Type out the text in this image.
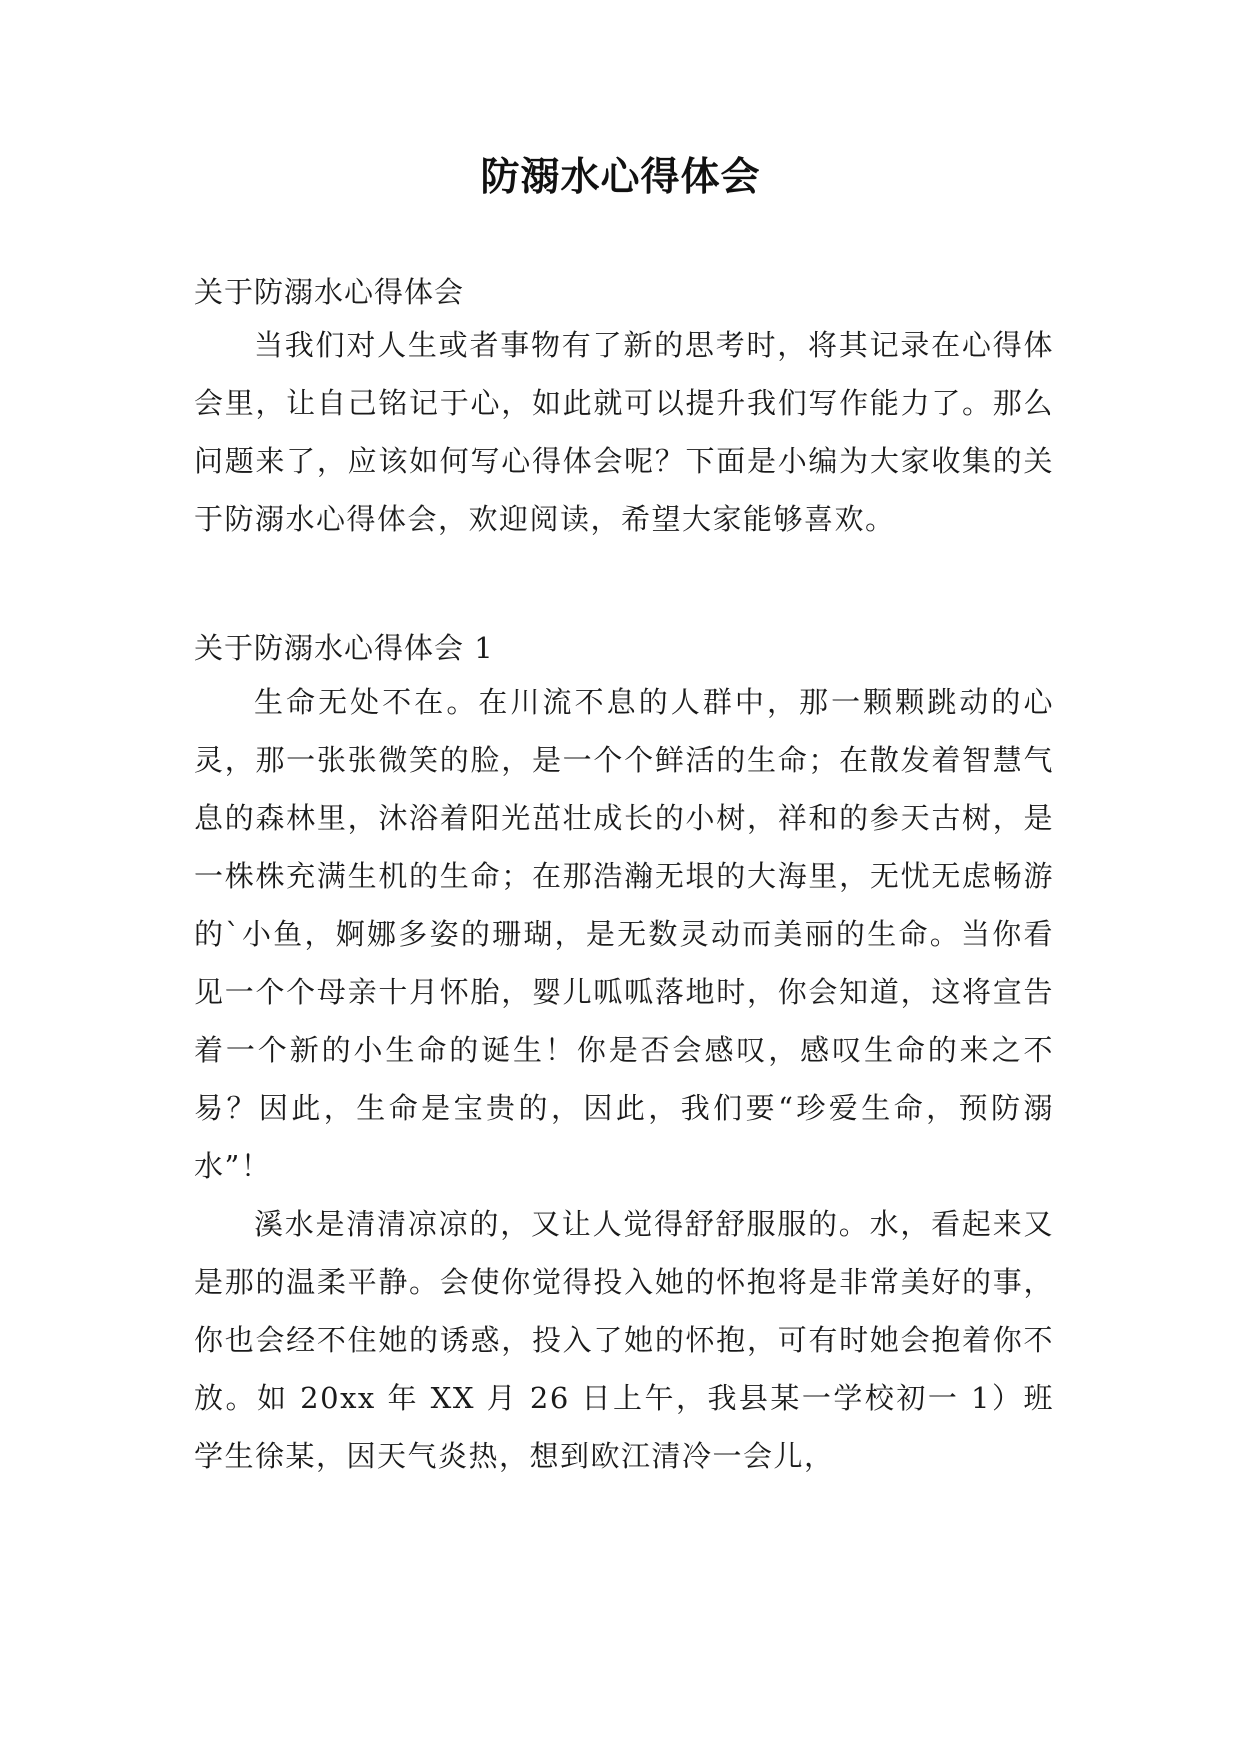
防溺水心得体会
关于防溺水心得体会

当我们对人生或者事物有了新的思考时，将其记录在心得体会里，让自己铭记于心，如此就可以提升我们写作能力了。那么问题来了，应该如何写心得体会呢？下面是小编为大家收集的关于防溺水心得体会，欢迎阅读，希望大家能够喜欢。

关于防溺水心得体会 1

生命无处不在。在川流不息的人群中，那一颗颗跳动的心灵，那一张张微笑的脸，是一个个鲜活的生命；在散发着智慧气息的森林里，沐浴着阳光茁壮成长的小树，祥和的参天古树，是一株株充满生机的生命；在那浩瀚无垠的大海里，无忧无虑畅游的`小鱼，婀娜多姿的珊瑚，是无数灵动而美丽的生命。当你看见一个个母亲十月怀胎，婴儿呱呱落地时，你会知道，这将宣告着一个新的小生命的诞生！你是否会感叹，感叹生命的来之不易？因此，生命是宝贵的，因此，我们要“珍爱生命，预防溺水”！

溪水是清清凉凉的，又让人觉得舒舒服服的。水，看起来又是那的温柔平静。会使你觉得投入她的怀抱将是非常美好的事，你也会经不住她的诱惑，投入了她的怀抱，可有时她会抱着你不放。如 20xx 年 XX 月 26 日上午，我县某一学校初一 1）班学生徐某，因天气炎热，想到欧江清冷一会儿，
